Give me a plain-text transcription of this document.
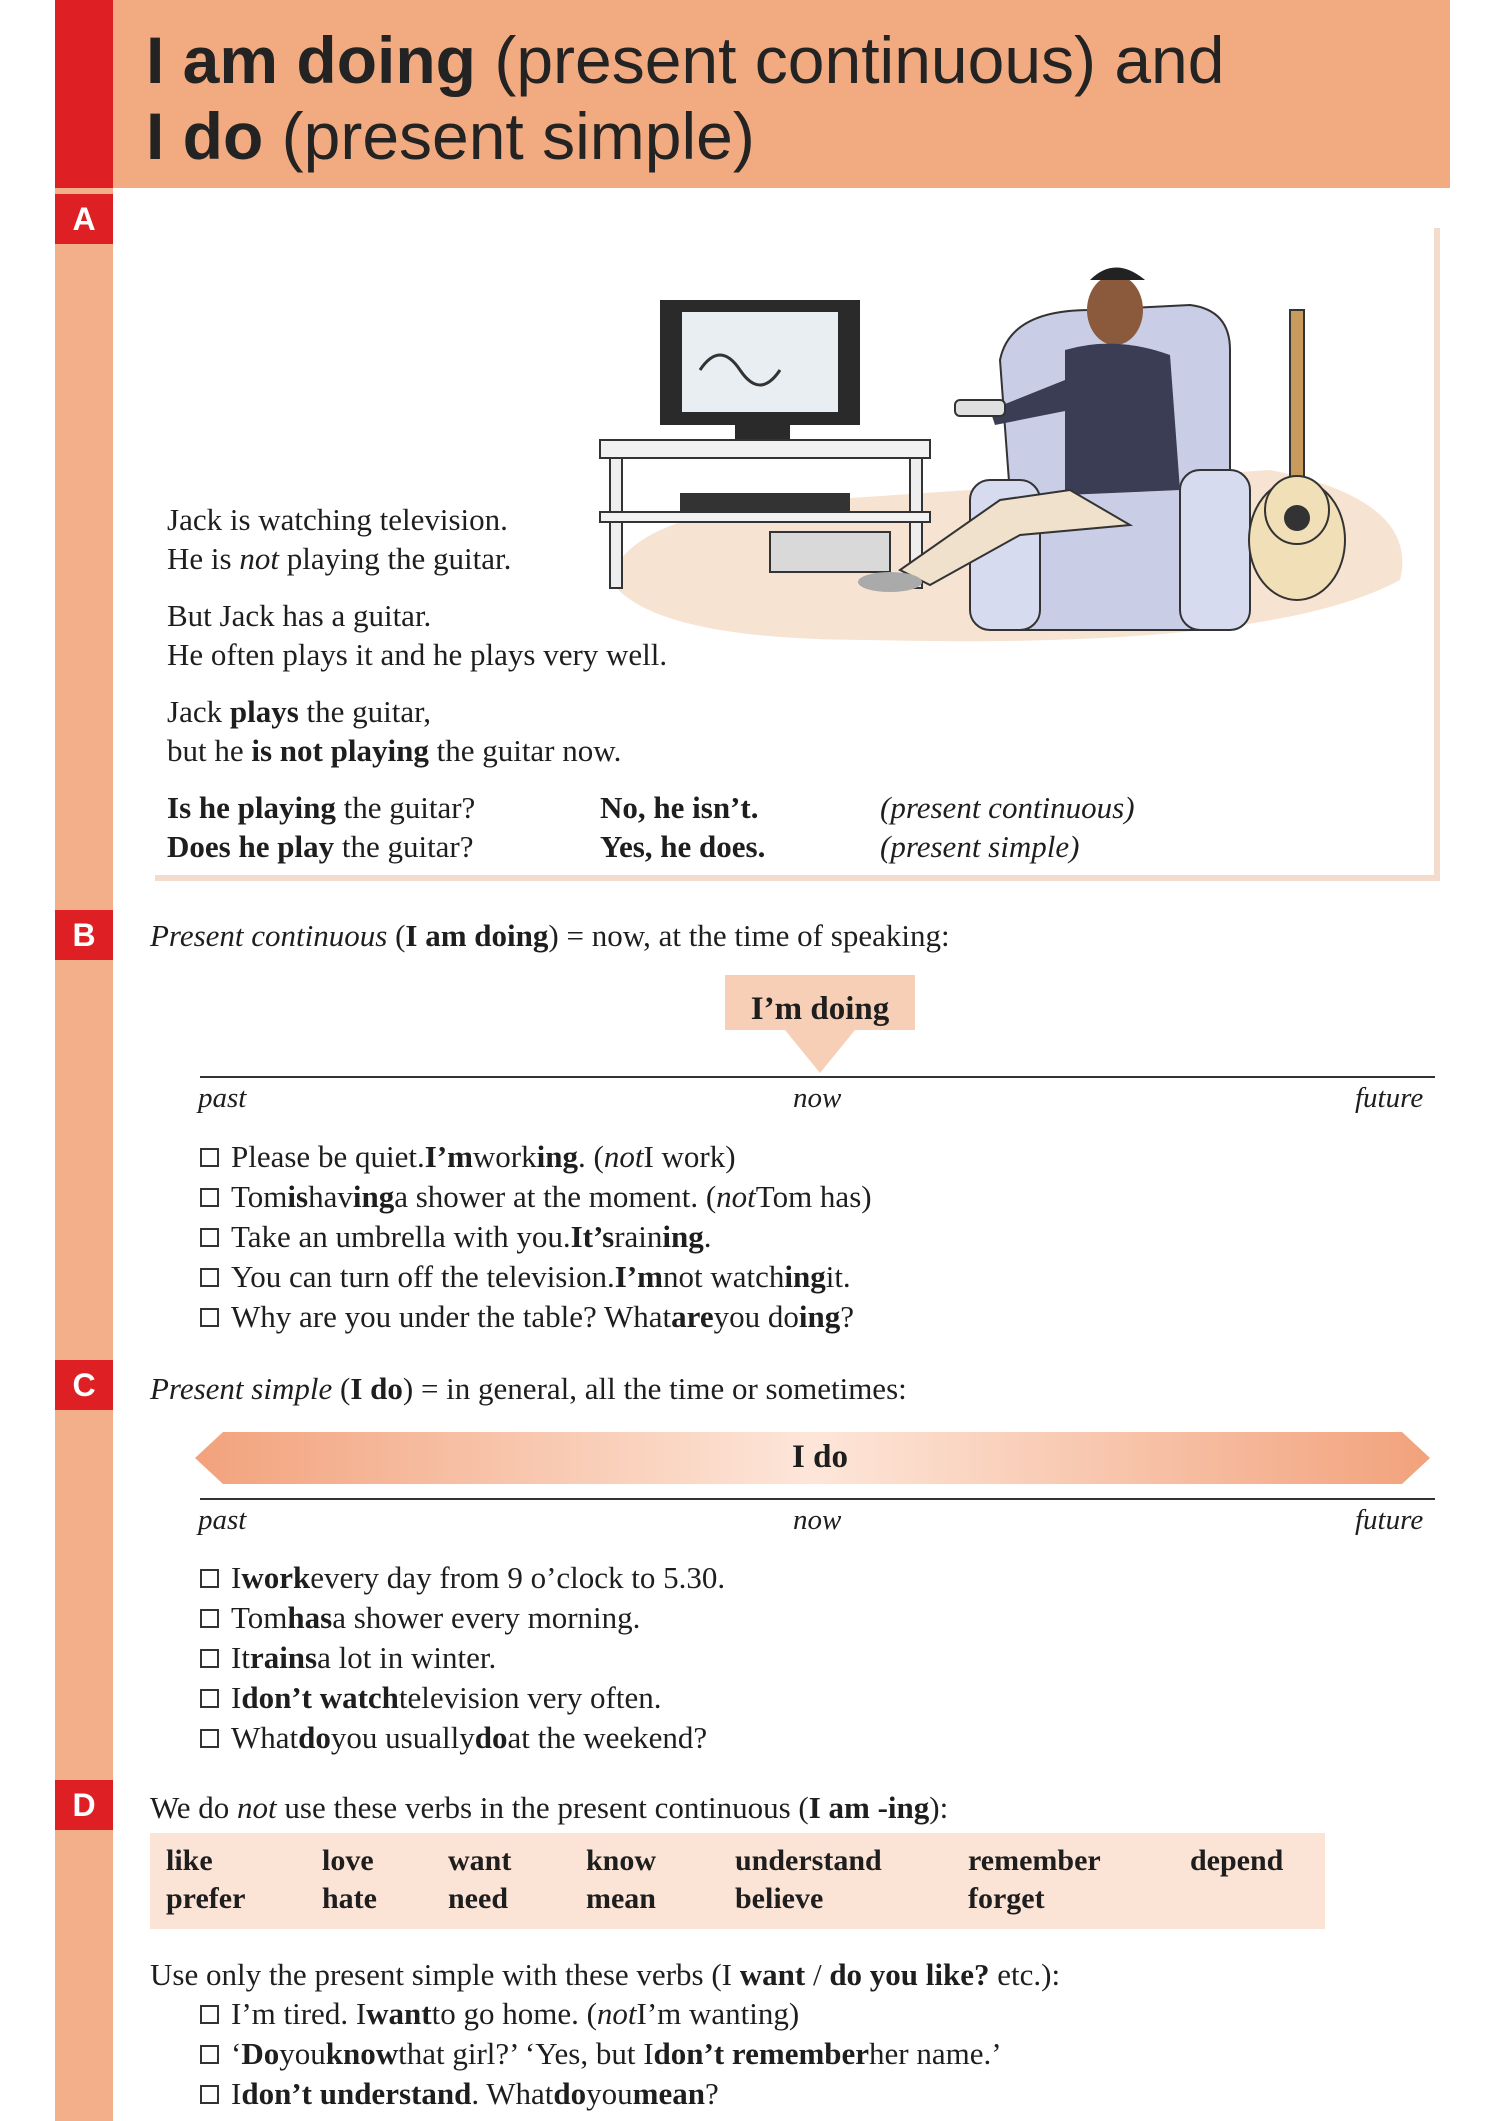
I am doing (present continuous) and
I do (present simple)
A
B
C
D
Jack is watching television.
He is not playing the guitar.
But Jack has a guitar.
He often plays it and he plays very well.
Jack plays the guitar,
but he is not playing the guitar now.
Is he playing the guitar?	No, he isn’t.	(present continuous)
Does he play the guitar?	Yes, he does.	(present simple)
Present continuous (I am doing) = now, at the time of speaking:
I’m doing
past	now	future
Please be quiet. I’m work ing . ( not I work)
Tom is hav ing a shower at the moment. ( not Tom has)
Take an umbrella with you. It’s rain ing .
You can turn off the television. I’m not watch ing it.
Why are you under the table? What are you do ing ?
Present simple (I do) = in general, all the time or sometimes:
I do
past	now	future
I work every day from 9 o’clock to 5.30.
Tom has a shower every morning.
It rains a lot in winter.
I don’t watch television very often.
What do you usually do at the weekend?
We do not use these verbs in the present continuous (I am -ing):
like	love want know	understand	remember	depend
prefer	hate need	mean	believe	forget
Use only the present simple with these verbs (I want / do you like? etc.):
I’m tired. I want to go home. ( not I’m wanting)
‘ Do you know that girl?’ ‘Yes, but I don’t remember her name.’
I don’t understand . What do you mean ?
